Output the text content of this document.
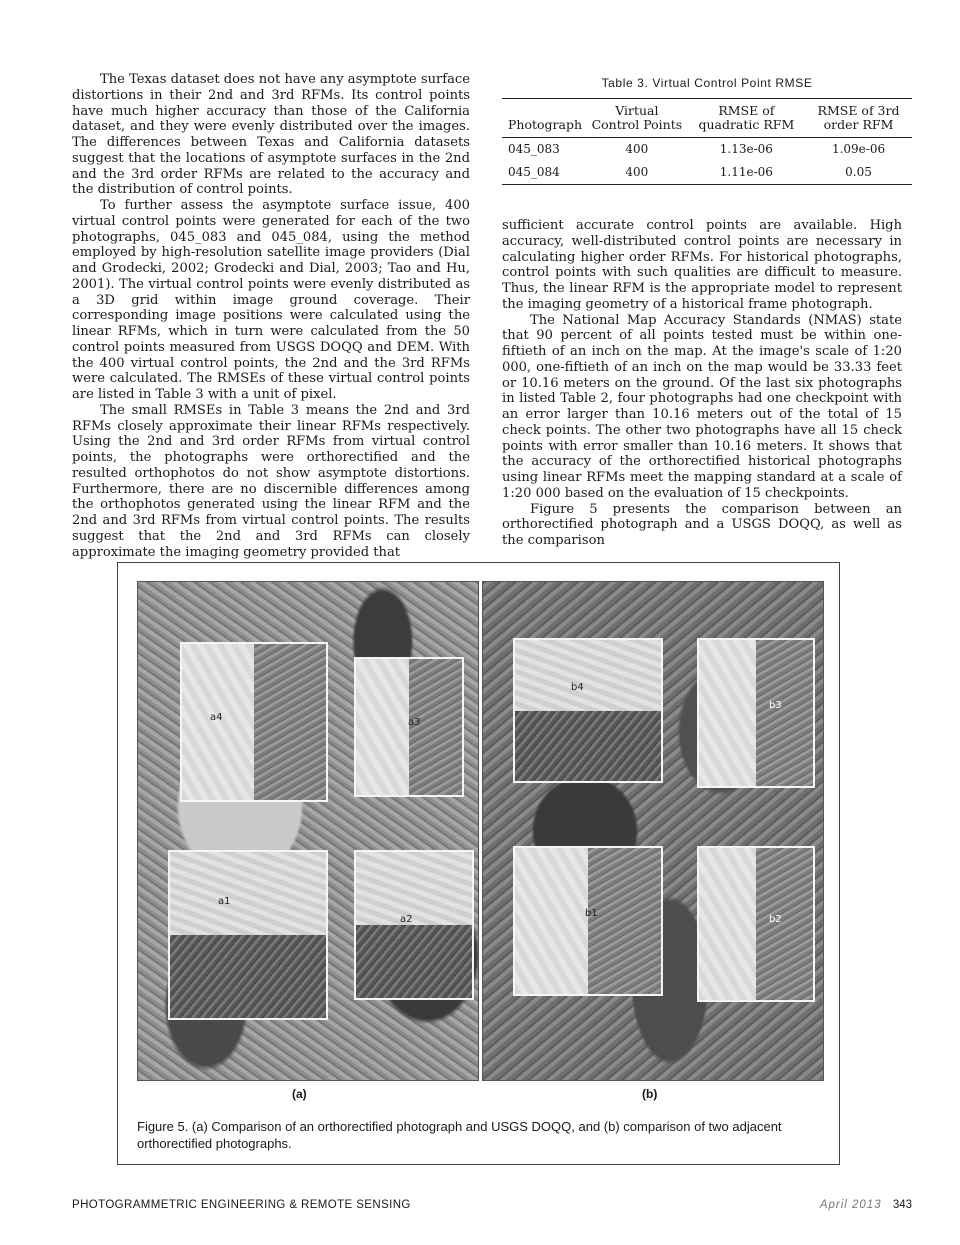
The Texas dataset does not have any asymptote surface distortions in their 2nd and 3rd RFMs. Its control points have much higher accuracy than those of the California dataset, and they were evenly distributed over the images. The differences between Texas and California datasets suggest that the locations of asymptote surfaces in the 2nd and the 3rd order RFMs are related to the accuracy and the distribution of control points.

To further assess the asymptote surface issue, 400 virtual control points were generated for each of the two photographs, 045_083 and 045_084, using the method employed by high-resolution satellite image providers (Dial and Grodecki, 2002; Grodecki and Dial, 2003; Tao and Hu, 2001). The virtual control points were evenly distributed as a 3D grid within image ground coverage. Their corresponding image positions were calculated using the linear RFMs, which in turn were calculated from the 50 control points measured from USGS DOQQ and DEM. With the 400 virtual control points, the 2nd and the 3rd RFMs were calculated. The RMSEs of these virtual control points are listed in Table 3 with a unit of pixel.

The small RMSEs in Table 3 means the 2nd and 3rd RFMs closely approximate their linear RFMs respectively. Using the 2nd and 3rd order RFMs from virtual control points, the photographs were orthorectified and the resulted orthophotos do not show asymptote distortions. Furthermore, there are no discernible differences among the orthophotos generated using the linear RFM and the 2nd and 3rd RFMs from virtual control points. The results suggest that the 2nd and 3rd RFMs can closely approximate the imaging geometry provided that

Table 3. Virtual Control Point RMSE
Photograph	Virtual Control Points	RMSE of quadratic RFM	RMSE of 3rd order RFM
045_083	400	1.13e-06	1.09e-06
045_084	400	1.11e-06	0.05

sufficient accurate control points are available. High accuracy, well-distributed control points are necessary in calculating higher order RFMs. For historical photographs, control points with such qualities are difficult to measure. Thus, the linear RFM is the appropriate model to represent the imaging geometry of a historical frame photograph.

The National Map Accuracy Standards (NMAS) state that 90 percent of all points tested must be within one-fiftieth of an inch on the map. At the image's scale of 1:20 000, one-fiftieth of an inch on the map would be 33.33 feet or 10.16 meters on the ground. Of the last six photographs in listed Table 2, four photographs had one checkpoint with an error larger than 10.16 meters out of the total of 15 check points. The other two photographs have all 15 check points with error smaller than 10.16 meters. It shows that the accuracy of the orthorectified historical photographs using linear RFMs meet the mapping standard at a scale of 1:20 000 based on the evaluation of 15 checkpoints.

Figure 5 presents the comparison between an orthorectified photograph and a USGS DOQQ, as well as the comparison

a4	a3
a1
a2
b4
b3
b1
b2
(a)	(b)
Figure 5. (a) Comparison of an orthorectified photograph and USGS DOQQ, and (b) comparison of two adjacent orthorectified photographs.
PHOTOGRAMMETRIC ENGINEERING & REMOTE SENSING	April 2013 343
